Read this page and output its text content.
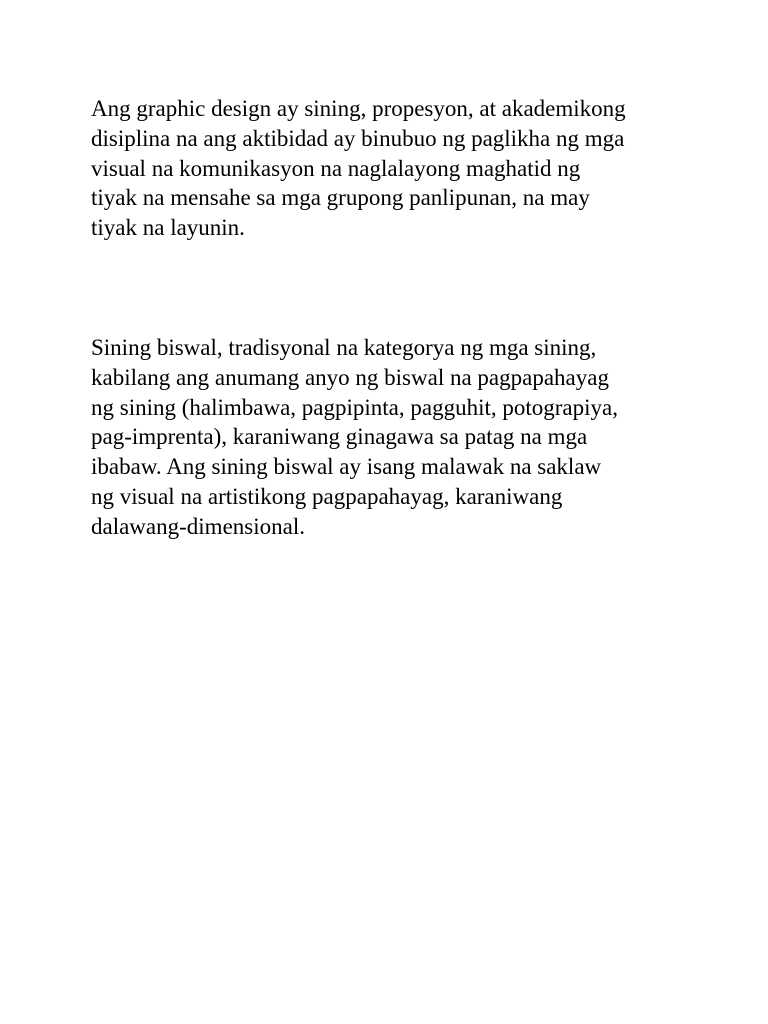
Ang graphic design ay sining, propesyon, at akademikong
disiplina na ang aktibidad ay binubuo ng paglikha ng mga
visual na komunikasyon na naglalayong maghatid ng
tiyak na mensahe sa mga grupong panlipunan, na may
tiyak na layunin.

Sining biswal, tradisyonal na kategorya ng mga sining,
kabilang ang anumang anyo ng biswal na pagpapahayag
ng sining (halimbawa, pagpipinta, pagguhit, potograpiya,
pag-imprenta), karaniwang ginagawa sa patag na mga
ibabaw. Ang sining biswal ay isang malawak na saklaw
ng visual na artistikong pagpapahayag, karaniwang
dalawang-dimensional.
